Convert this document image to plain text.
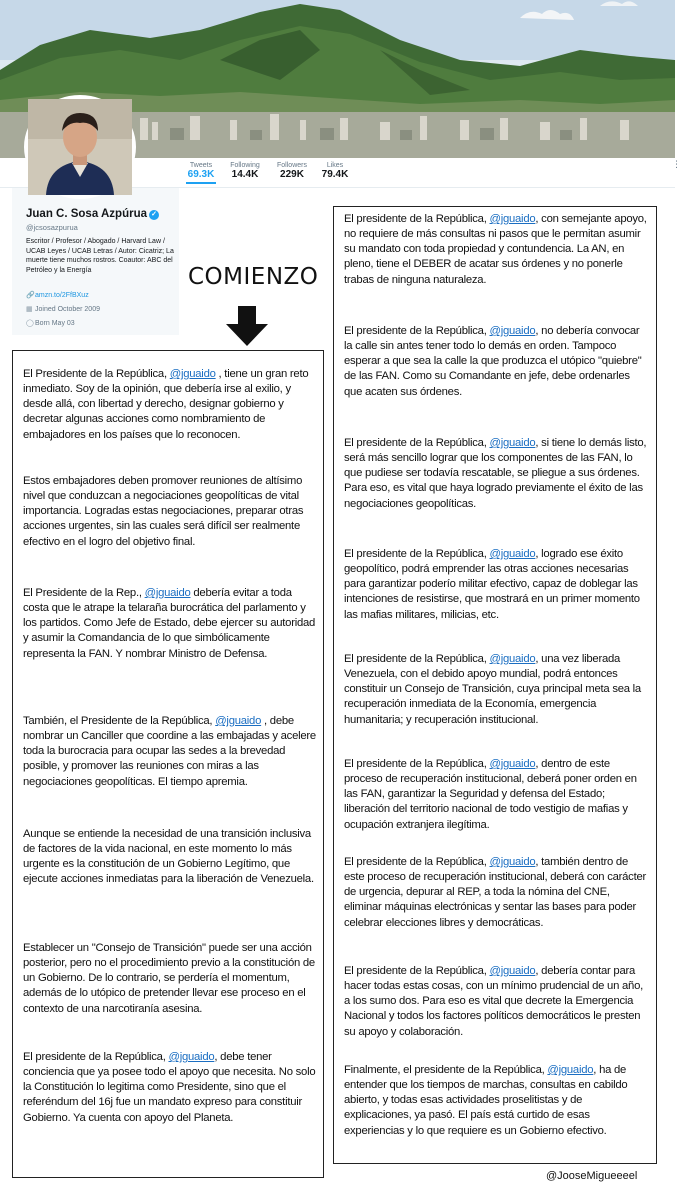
Tweets
69.3K
Following
14.4K
Followers
229K
Likes
79.4K
⋮
Juan C. Sosa Azpúrua ✓
@jcsosazpurua
Escritor / Profesor / Abogado / Harvard Law / UCAB Leyes / UCAB Letras / Autor: Cicatriz; La muerte tiene muchos rostros. Coautor: ABC del Petróleo y la Energía
🔗amzn.to/2FfBXuz
▦ Joined October 2009
◯Born May 03
COMIENZO

El Presidente de la República, @jguaido , tiene un gran reto inmediato. Soy de la opinión, que debería irse al exilio, y desde allá, con libertad y derecho, designar gobierno y decretar algunas acciones como nombramiento de embajadores en los países que lo reconocen.

Estos embajadores deben promover reuniones de altísimo nivel que conduzcan a negociaciones geopolíticas de vital importancia. Logradas estas negociaciones, preparar otras acciones urgentes, sin las cuales será difícil ser realmente efectivo en el logro del objetivo final.

El Presidente de la Rep., @jguaido debería evitar a toda costa que le atrape la telaraña burocrática del parlamento y los partidos. Como Jefe de Estado, debe ejercer su autoridad y asumir la Comandancia de lo que simbólicamente representa la FAN. Y nombrar Ministro de Defensa.

También, el Presidente de la República, @jguaido , debe nombrar un Canciller que coordine a las embajadas y acelere toda la burocracia para ocupar las sedes a la brevedad posible, y promover las reuniones con miras a las negociaciones geopolíticas. El tiempo apremia.

Aunque se entiende la necesidad de una transición inclusiva de factores de la vida nacional, en este momento lo más urgente es la constitución de un Gobierno Legítimo, que ejecute acciones inmediatas para la liberación de Venezuela.

Establecer un "Consejo de Transición" puede ser una acción posterior, pero no el procedimiento previo a la constitución de un Gobierno. De lo contrario, se perdería el momentum, además de lo utópico de pretender llevar ese proceso en el contexto de una narcotiranía asesina.

El presidente de la República, @jguaido, debe tener conciencia que ya posee todo el apoyo que necesita. No solo la Constitución lo legitima como Presidente, sino que el referéndum del 16j fue un mandato expreso para constituir Gobierno. Ya cuenta con apoyo del Planeta.

El presidente de la República, @jguaido, con semejante apoyo, no requiere de más consultas ni pasos que le permitan asumir su mandato con toda propiedad y contundencia. La AN, en pleno, tiene el DEBER de acatar sus órdenes y no ponerle trabas de ninguna naturaleza.

El presidente de la República, @jguaido, no debería convocar la calle sin antes tener todo lo demás en orden. Tampoco esperar a que sea la calle la que produzca el utópico "quiebre" de las FAN. Como su Comandante en jefe, debe ordenarles que acaten sus órdenes.

El presidente de la República, @jguaido, si tiene lo demás listo, será más sencillo lograr que los componentes de las FAN, lo que pudiese ser todavía rescatable, se pliegue a sus órdenes. Para eso, es vital que haya logrado previamente el éxito de las negociaciones geopolíticas.

El presidente de la República, @jguaido, logrado ese éxito geopolítico, podrá emprender las otras acciones necesarias para garantizar poderío militar efectivo, capaz de doblegar las intenciones de resistirse, que mostrará en un primer momento las mafias militares, milicias, etc.

El presidente de la República, @jguaido, una vez liberada Venezuela, con el debido apoyo mundial, podrá entonces constituir un Consejo de Transición, cuya principal meta sea la recuperación inmediata de la Economía, emergencia humanitaria; y recuperación institucional.

El presidente de la República, @jguaido, dentro de este proceso de recuperación institucional, deberá poner orden en las FAN, garantizar la Seguridad y defensa del Estado; liberación del territorio nacional de todo vestigio de mafias y ocupación extranjera ilegítima.

El presidente de la República, @jguaido, también dentro de este proceso de recuperación institucional, deberá con carácter de urgencia, depurar al REP, a toda la nómina del CNE, eliminar máquinas electrónicas y sentar las bases para poder celebrar elecciones libres y democráticas.

El presidente de la República, @jguaido, debería contar para hacer todas estas cosas, con un mínimo prudencial de un año, a los sumo dos. Para eso es vital que decrete la Emergencia Nacional y todos los factores políticos democráticos le presten su apoyo y colaboración.

Finalmente, el presidente de la República, @jguaido, ha de entender que los tiempos de marchas, consultas en cabildo abierto, y todas esas actividades proselitistas y de explicaciones, ya pasó. El país está curtido de esas experiencias y lo que requiere es un Gobierno efectivo.

@JooseMigueeeel
